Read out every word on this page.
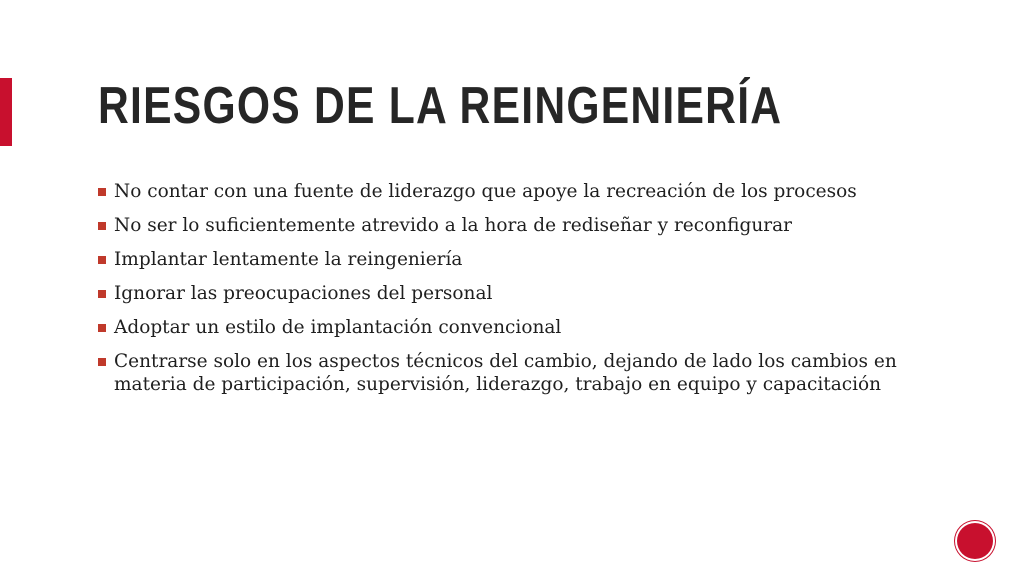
RIESGOS DE LA REINGENIERÍA
No contar con una fuente de liderazgo que apoye la recreación de los procesos
No ser lo suficientemente atrevido a la hora de rediseñar y reconfigurar
Implantar lentamente la reingeniería
Ignorar las preocupaciones del personal
Adoptar un estilo de implantación convencional
Centrarse solo en los aspectos técnicos del cambio, dejando de lado los cambios en materia de participación, supervisión, liderazgo, trabajo en equipo y capacitación
